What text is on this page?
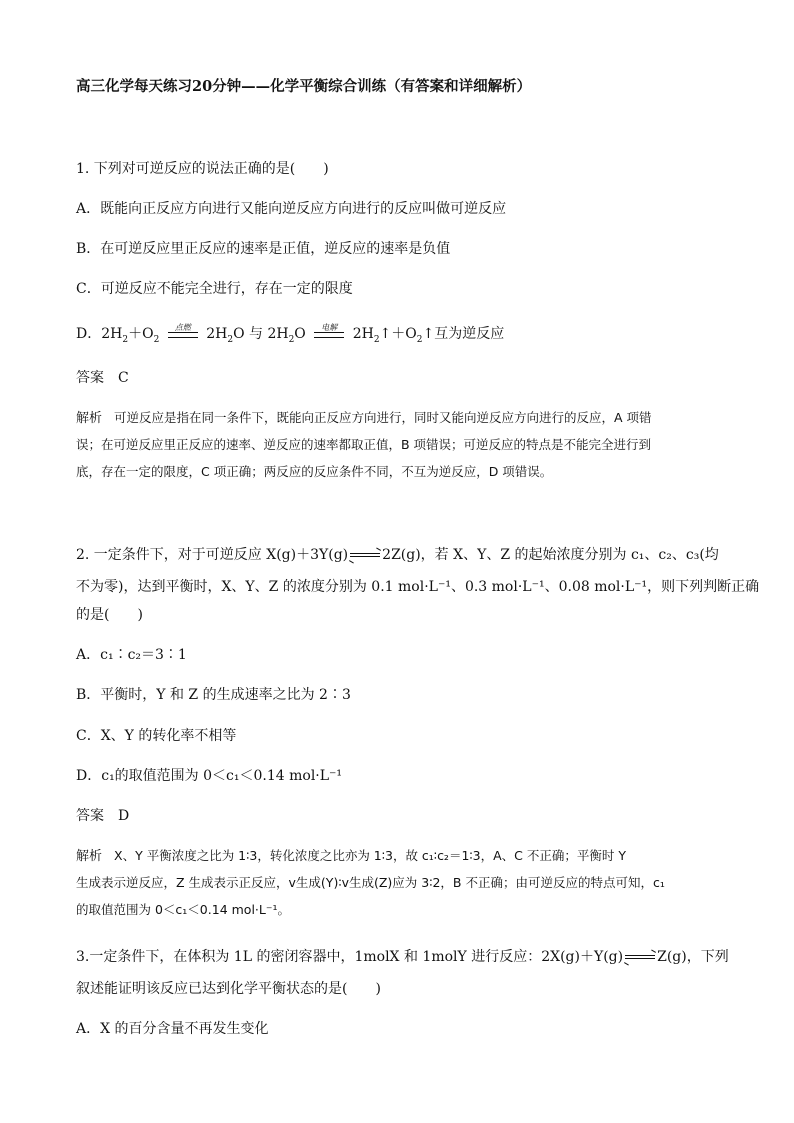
高三化学每天练习20分钟——化学平衡综合训练（有答案和详细解析）
1. 下列对可逆反应的说法正确的是(　　)
A．既能向正反应方向进行又能向逆反应方向进行的反应叫做可逆反应
B．在可逆反应里正反应的速率是正值，逆反应的速率是负值
C．可逆反应不能完全进行，存在一定的限度
D．$2H_2+O_2$
点燃 $2H_2O$ 与 $2H_2O$ 电解 $2H_2↑+O_2↑$互为逆反应
答案 C
解析 可逆反应是指在同一条件下，既能向正反应方向进行，同时又能向逆反应方向进行的反应，A 项错
误；在可逆反应里正反应的速率、逆反应的速率都取正值，B 项错误；可逆反应的特点是不能完全进行到
底，存在一定的限度，C 项正确；两反应的反应条件不同，不互为逆反应，D 项错误。
2. 一定条件下，对于可逆反应 X(g)＋3Y(g) → 2Z(g)，若 X、Y、Z 的起始浓度分别为 c₁、c₂、c₃(均
不为零)，达到平衡时，X、Y、Z 的浓度分别为 0.1 mol·L⁻¹、0.3 mol·L⁻¹、0.08 mol·L⁻¹，则下列判断正确
的是(　　)
A．c₁∶c₂＝3∶1
B．平衡时，Y 和 Z 的生成速率之比为 2∶3
C．X、Y 的转化率不相等
D．c₁的取值范围为 0＜c₁＜0.14 mol·L⁻¹
答案 D
解析 X、Y 平衡浓度之比为 1∶3，转化浓度之比亦为 1∶3，故 c₁∶c₂＝1∶3，A、C 不正确；平衡时 Y
生成表示逆反应，Z 生成表示正反应，v生成(Y)∶v生成(Z)应为 3∶2，B 不正确；由可逆反应的特点可知，c₁
的取值范围为 0＜c₁＜0.14 mol·L⁻¹。
3.一定条件下，在体积为 1L 的密闭容器中，1molX 和 1molY 进行反应：2X(g)＋Y(g) → Z(g)，下列
叙述能证明该反应已达到化学平衡状态的是(　　)
A．X 的百分含量不再发生变化
